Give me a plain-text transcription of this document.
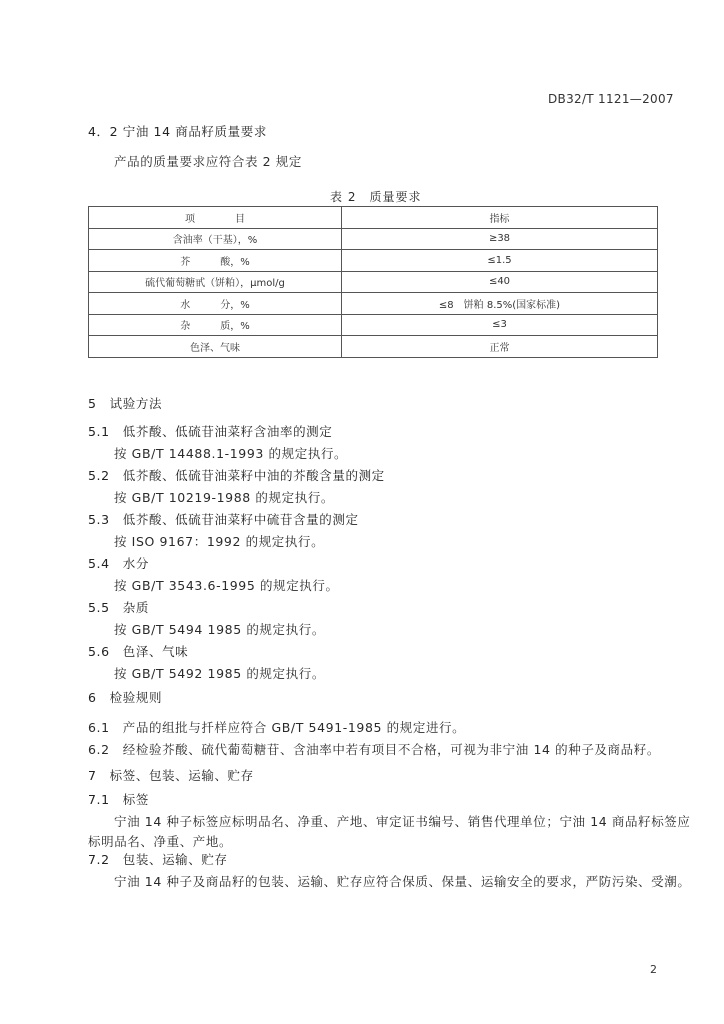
DB32/T 1121—2007
4．2 宁油 14 商品籽质量要求
产品的质量要求应符合表 2 规定
表 2　质量要求
项　　　　目	指标
含油率（干基），%	≥38
芥　　　酸，%	≤1.5
硫代葡萄糖甙（饼粕），μmol/g	≤40
水　　　分，%	≤8　饼粕 8.5%(国家标准)
杂　　　质，%	≤3
色泽、气味	正常
5　试验方法
5.1　低芥酸、低硫苷油菜籽含油率的测定
按 GB/T 14488.1-1993 的规定执行。
5.2　低芥酸、低硫苷油菜籽中油的芥酸含量的测定
按 GB/T 10219-1988 的规定执行。
5.3　低芥酸、低硫苷油菜籽中硫苷含量的测定
按 ISO 9167：1992 的规定执行。
5.4　水分
按 GB/T 3543.6-1995 的规定执行。
5.5　杂质
按 GB/T 5494 1985 的规定执行。
5.6　色泽、气味
按 GB/T 5492 1985 的规定执行。
6　检验规则
6.1　产品的组批与扦样应符合 GB/T 5491-1985 的规定进行。
6.2　经检验芥酸、硫代葡萄糖苷、含油率中若有项目不合格，可视为非宁油 14 的种子及商品籽。
7　标签、包装、运输、贮存
7.1　标签
宁油 14 种子标签应标明品名、净重、产地、审定证书编号、销售代理单位；宁油 14 商品籽标签应
标明品名、净重、产地。
7.2　包装、运输、贮存
宁油 14 种子及商品籽的包装、运输、贮存应符合保质、保量、运输安全的要求，严防污染、受潮。
2
